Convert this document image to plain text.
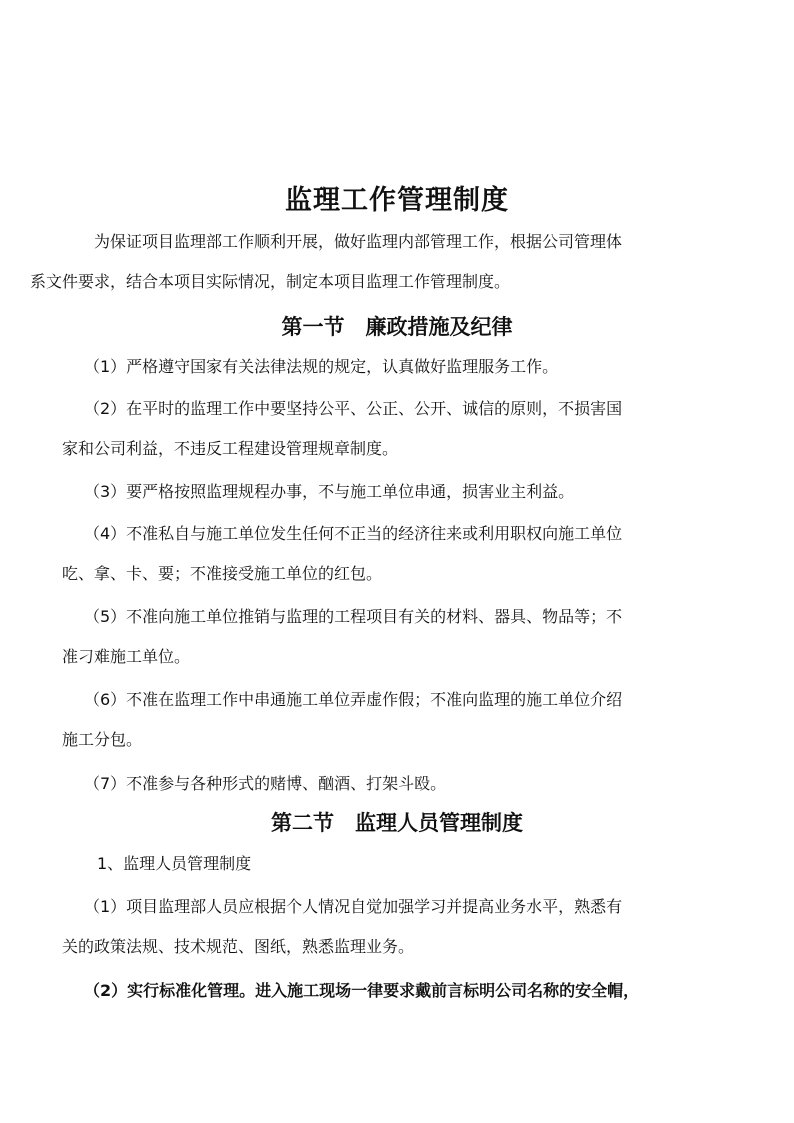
监理工作管理制度
为保证项目监理部工作顺利开展，做好监理内部管理工作，根据公司管理体
系文件要求，结合本项目实际情况，制定本项目监理工作管理制度。
第一节　廉政措施及纪律
（1）严格遵守国家有关法律法规的规定，认真做好监理服务工作。
（2）在平时的监理工作中要坚持公平、公正、公开、诚信的原则，不损害国
家和公司利益，不违反工程建设管理规章制度。
（3）要严格按照监理规程办事，不与施工单位串通，损害业主利益。
（4）不准私自与施工单位发生任何不正当的经济往来或利用职权向施工单位
吃、拿、卡、要；不准接受施工单位的红包。
（5）不准向施工单位推销与监理的工程项目有关的材料、器具、物品等；不
准刁难施工单位。
（6）不准在监理工作中串通施工单位弄虚作假；不准向监理的施工单位介绍
施工分包。
（7）不准参与各种形式的赌博、酗酒、打架斗殴。
第二节　监理人员管理制度
1、监理人员管理制度
（1）项目监理部人员应根据个人情况自觉加强学习并提高业务水平，熟悉有
关的政策法规、技术规范、图纸，熟悉监理业务。
（2）实行标准化管理。进入施工现场一律要求戴前言标明公司名称的安全帽，
